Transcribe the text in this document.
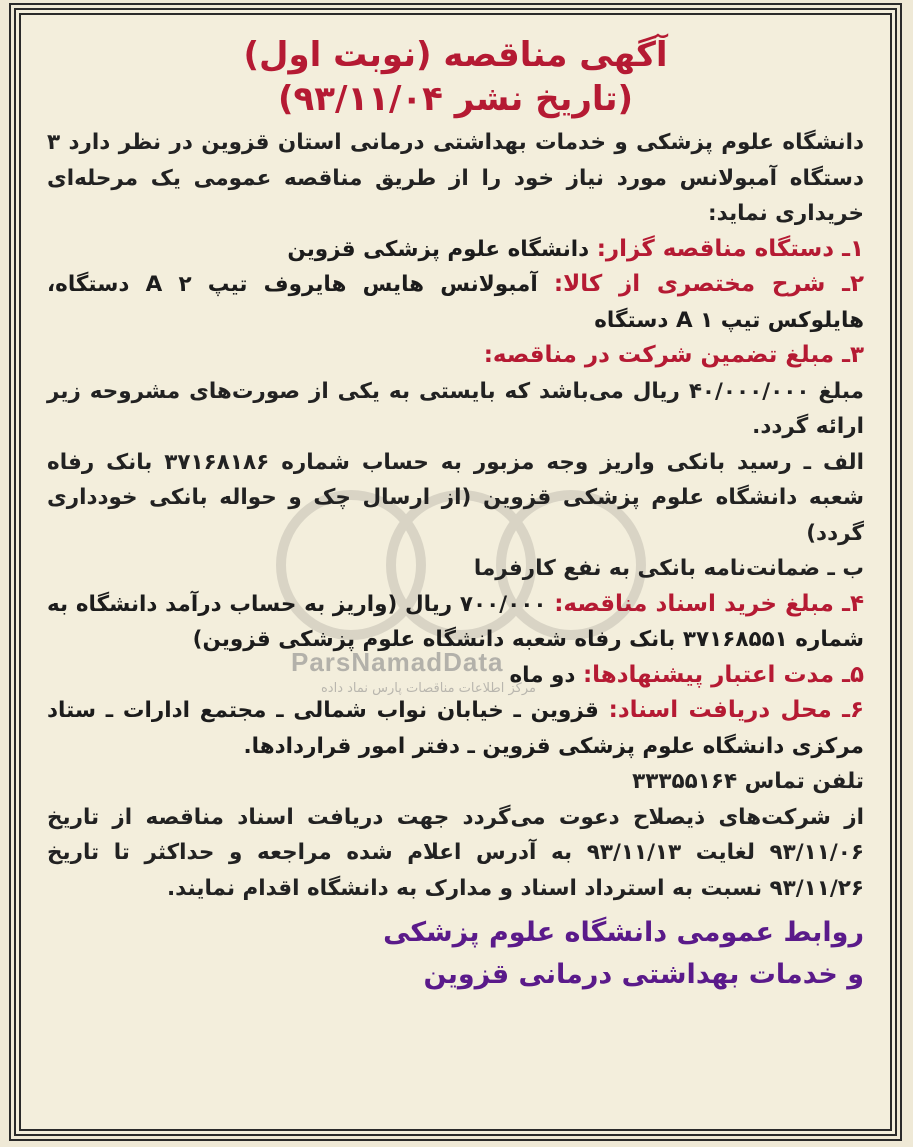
ParsNamadData
مرکز اطلاعات مناقصات پارس نماد داده

آگهی مناقصه (نوبت اول)

(تاریخ نشر ۹۳/۱۱/۰۴)

دانشگاه علوم پزشکی و خدمات بهداشتی درمانی استان قزوین در نظر دارد ۳ دستگاه آمبولانس مورد نیاز خود را از طریق مناقصه عمومی یک مرحله‌ای خریداری نماید:

۱ـ دستگاه مناقصه گزار: دانشگاه علوم پزشکی قزوین

۲ـ شرح مختصری از کالا: آمبولانس هایس هایروف تیپ A ۲ دستگاه، هایلوکس تیپ A ۱ دستگاه

۳ـ مبلغ تضمین شرکت در مناقصه:

مبلغ ۴۰/۰۰۰/۰۰۰ ریال می‌باشد که بایستی به یکی از صورت‌های مشروحه زیر ارائه گردد.

الف ـ رسید بانکی واریز وجه مزبور به حساب شماره ۳۷۱۶۸۱۸۶ بانک رفاه شعبه دانشگاه علوم پزشکی قزوین (از ارسال چک و حواله بانکی خودداری گردد)

ب ـ ضمانت‌نامه بانکی به نفع کارفرما

۴ـ مبلغ خرید اسناد مناقصه: ۷۰۰/۰۰۰ ریال (واریز به حساب درآمد دانشگاه به شماره ۳۷۱۶۸۵۵۱ بانک رفاه شعبه دانشگاه علوم پزشکی قزوین)

۵ـ مدت اعتبار پیشنهادها: دو ماه

۶ـ محل دریافت اسناد: قزوین ـ خیابان نواب شمالی ـ مجتمع ادارات ـ ستاد مرکزی دانشگاه علوم پزشکی قزوین ـ دفتر امور قراردادها.

تلفن تماس ۳۳۳۵۵۱۶۴

از شرکت‌های ذیصلاح دعوت می‌گردد جهت دریافت اسناد مناقصه از تاریخ ۹۳/۱۱/۰۶ لغایت ۹۳/۱۱/۱۳ به آدرس اعلام شده مراجعه و حداکثر تا تاریخ ۹۳/۱۱/۲۶ نسبت به استرداد اسناد و مدارک به دانشگاه اقدام نمایند.

روابط عمومی دانشگاه علوم پزشکی
و خدمات بهداشتی درمانی قزوین
